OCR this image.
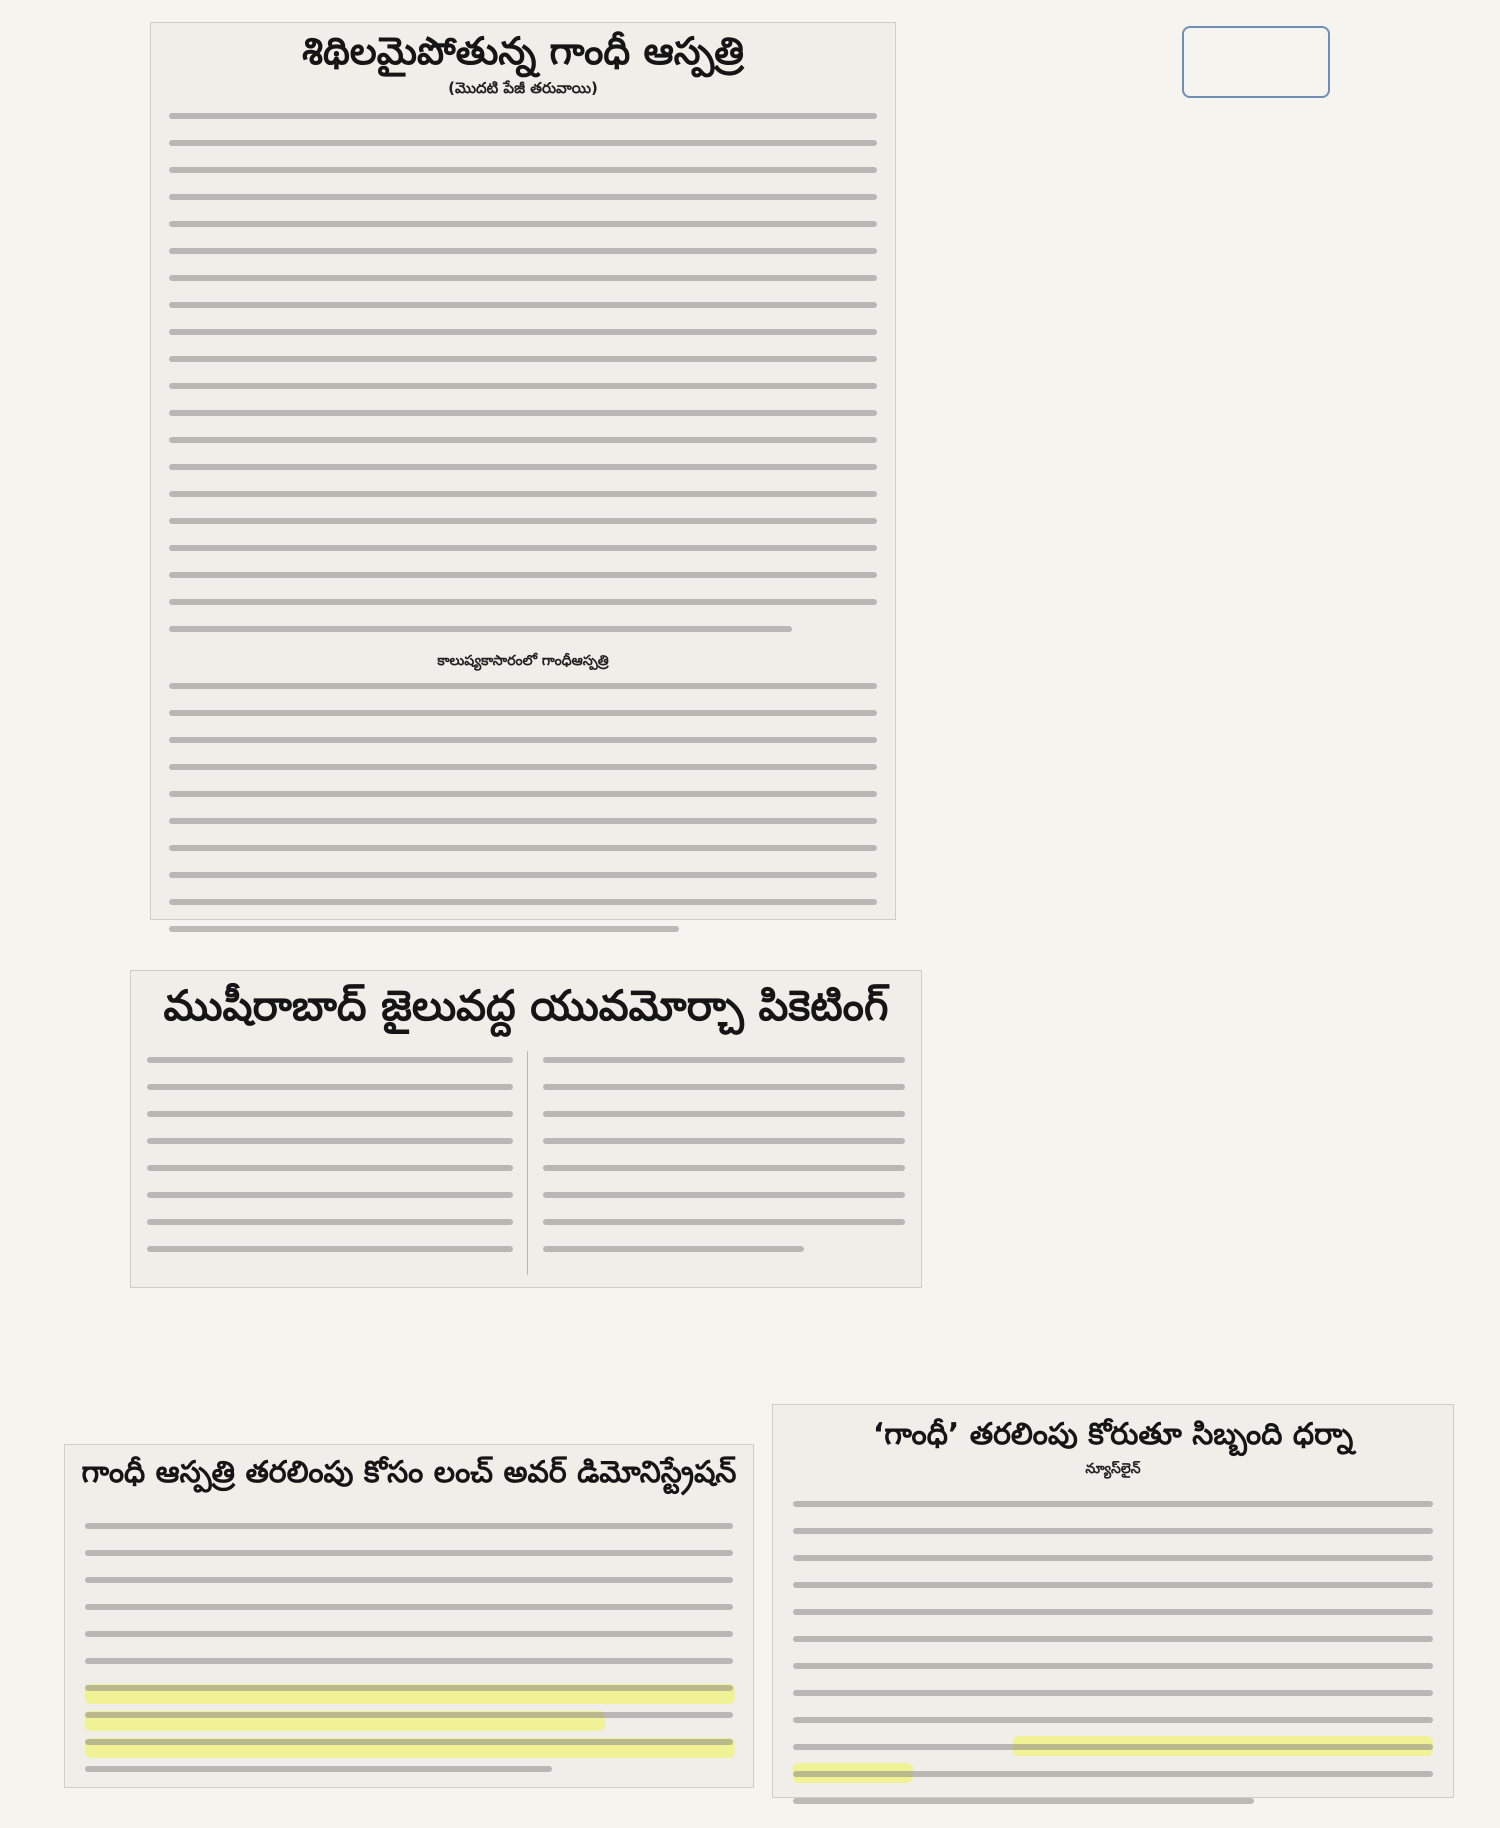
శిథిలమైపోతున్న గాంధీ ఆస్పత్రి
(మొదటి పేజీ తరువాయి)
కాలుష్యకాసారంలో గాంధీఆస్పత్రి
ముషీరాబాద్ జైలువద్ద యువమోర్చా పికెటింగ్
గాంధీ ఆస్పత్రి తరలింపు కోసం లంచ్ అవర్ డిమోనిస్ట్రేషన్
‘గాంధీ’ తరలింపు కోరుతూ సిబ్బంది ధర్నా
న్యూస్‌లైన్
